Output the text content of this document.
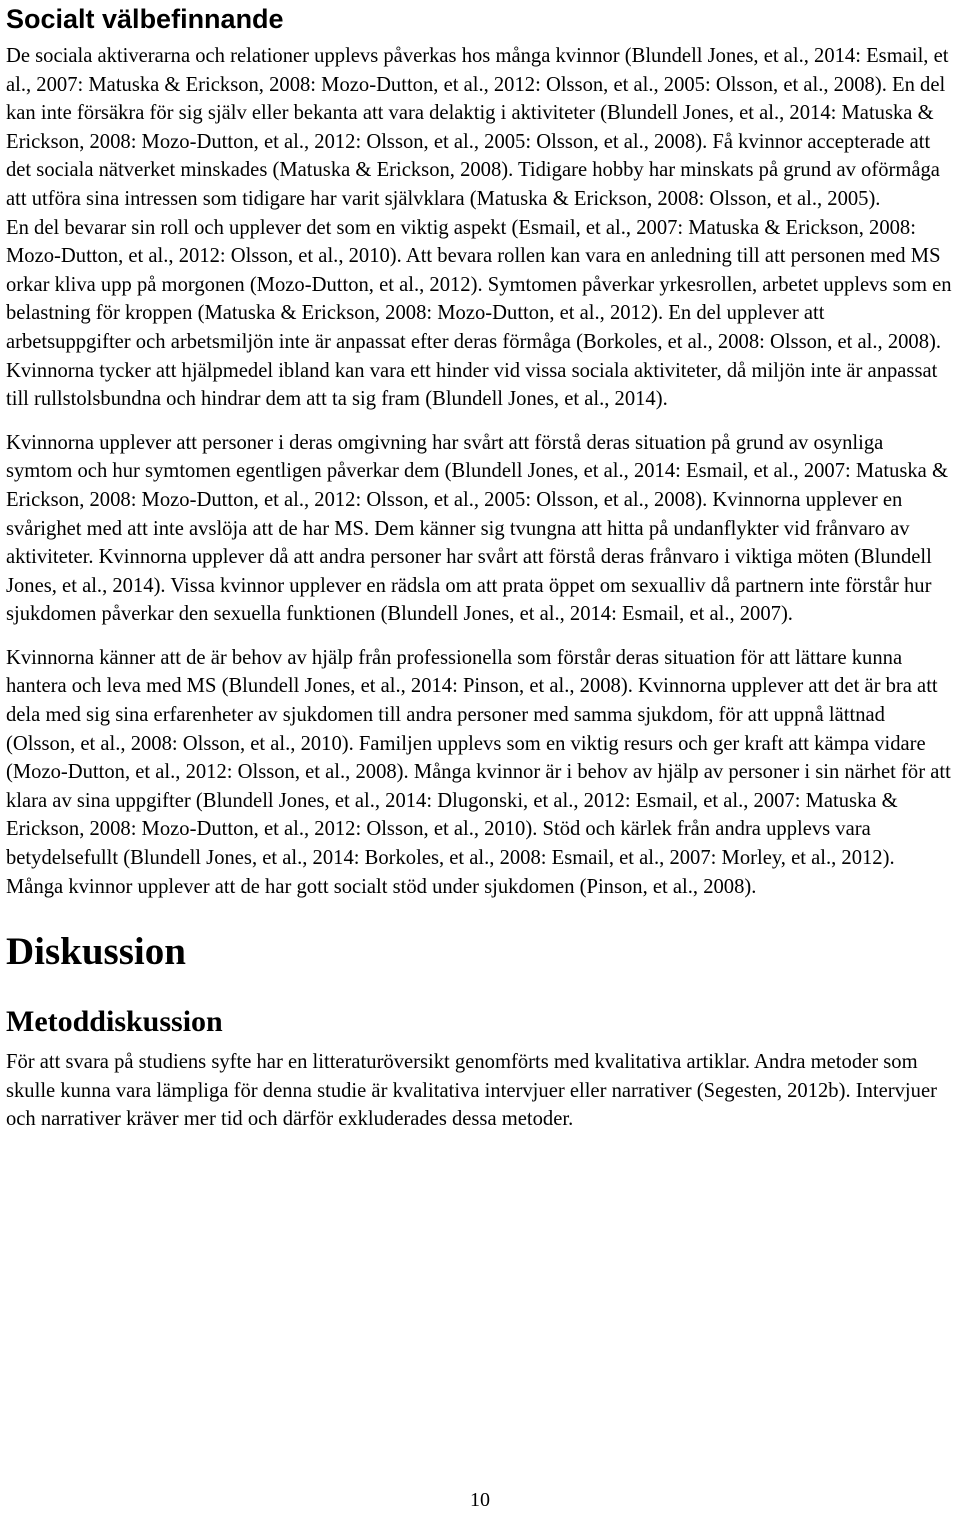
Socialt välbefinnande

De sociala aktiverarna och relationer upplevs påverkas hos många kvinnor (Blundell Jones, et al., 2014: Esmail, et al., 2007: Matuska & Erickson, 2008: Mozo-Dutton, et al., 2012: Olsson, et al., 2005: Olsson, et al., 2008). En del kan inte försäkra för sig själv eller bekanta att vara delaktig i aktiviteter (Blundell Jones, et al., 2014: Matuska & Erickson, 2008: Mozo-Dutton, et al., 2012: Olsson, et al., 2005: Olsson, et al., 2008). Få kvinnor accepterade att det sociala nätverket minskades (Matuska & Erickson, 2008). Tidigare hobby har minskats på grund av oförmåga att utföra sina intressen som tidigare har varit självklara (Matuska & Erickson, 2008: Olsson, et al., 2005).

En del bevarar sin roll och upplever det som en viktig aspekt (Esmail, et al., 2007: Matuska & Erickson, 2008: Mozo-Dutton, et al., 2012: Olsson, et al., 2010). Att bevara rollen kan vara en anledning till att personen med MS orkar kliva upp på morgonen (Mozo-Dutton, et al., 2012). Symtomen påverkar yrkesrollen, arbetet upplevs som en belastning för kroppen (Matuska & Erickson, 2008: Mozo-Dutton, et al., 2012). En del upplever att arbetsuppgifter och arbetsmiljön inte är anpassat efter deras förmåga (Borkoles, et al., 2008: Olsson, et al., 2008). Kvinnorna tycker att hjälpmedel ibland kan vara ett hinder vid vissa sociala aktiviteter, då miljön inte är anpassat till rullstolsbundna och hindrar dem att ta sig fram (Blundell Jones, et al., 2014).

Kvinnorna upplever att personer i deras omgivning har svårt att förstå deras situation på grund av osynliga symtom och hur symtomen egentligen påverkar dem (Blundell Jones, et al., 2014: Esmail, et al., 2007: Matuska & Erickson, 2008: Mozo-Dutton, et al., 2012: Olsson, et al., 2005: Olsson, et al., 2008). Kvinnorna upplever en svårighet med att inte avslöja att de har MS. Dem känner sig tvungna att hitta på undanflykter vid frånvaro av aktiviteter. Kvinnorna upplever då att andra personer har svårt att förstå deras frånvaro i viktiga möten (Blundell Jones, et al., 2014). Vissa kvinnor upplever en rädsla om att prata öppet om sexualliv då partnern inte förstår hur sjukdomen påverkar den sexuella funktionen (Blundell Jones, et al., 2014: Esmail, et al., 2007).

Kvinnorna känner att de är behov av hjälp från professionella som förstår deras situation för att lättare kunna hantera och leva med MS (Blundell Jones, et al., 2014: Pinson, et al., 2008). Kvinnorna upplever att det är bra att dela med sig sina erfarenheter av sjukdomen till andra personer med samma sjukdom, för att uppnå lättnad (Olsson, et al., 2008: Olsson, et al., 2010). Familjen upplevs som en viktig resurs och ger kraft att kämpa vidare (Mozo-Dutton, et al., 2012: Olsson, et al., 2008). Många kvinnor är i behov av hjälp av personer i sin närhet för att klara av sina uppgifter (Blundell Jones, et al., 2014: Dlugonski, et al., 2012: Esmail, et al., 2007: Matuska & Erickson, 2008: Mozo-Dutton, et al., 2012: Olsson, et al., 2010). Stöd och kärlek från andra upplevs vara betydelsefullt (Blundell Jones, et al., 2014: Borkoles, et al., 2008: Esmail, et al., 2007: Morley, et al., 2012). Många kvinnor upplever att de har gott socialt stöd under sjukdomen (Pinson, et al., 2008).

Diskussion
Metoddiskussion

För att svara på studiens syfte har en litteraturöversikt genomförts med kvalitativa artiklar. Andra metoder som skulle kunna vara lämpliga för denna studie är kvalitativa intervjuer eller narrativer (Segesten, 2012b). Intervjuer och narrativer kräver mer tid och därför exkluderades dessa metoder.

10
